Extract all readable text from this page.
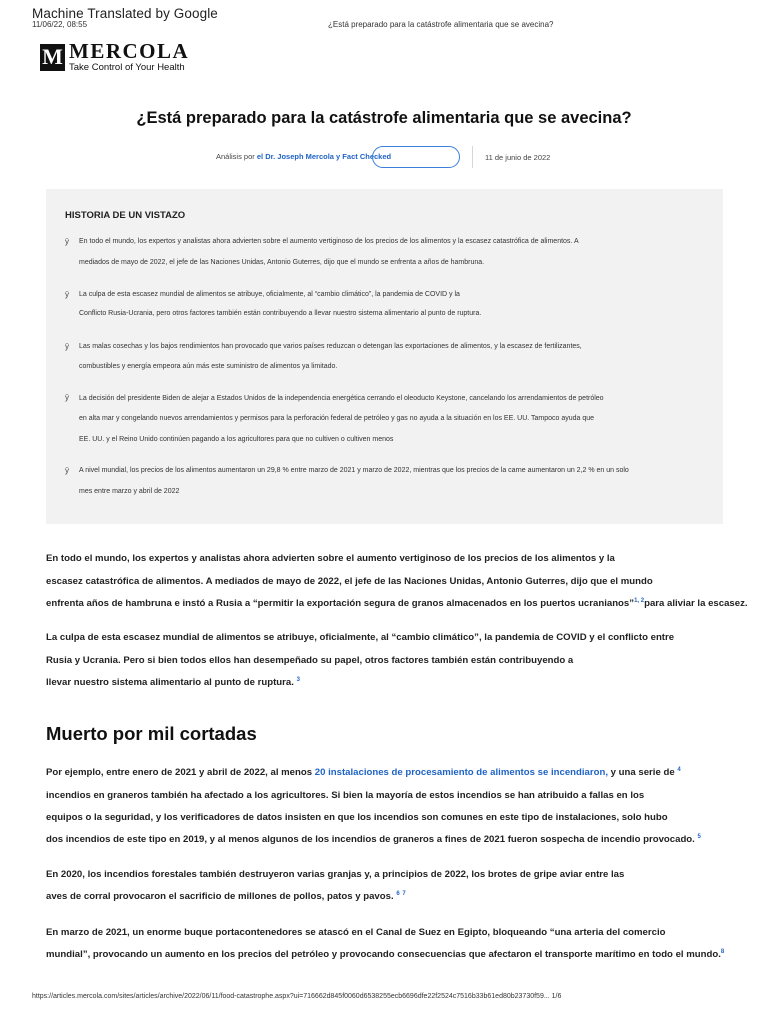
Machine Translated by Google
11/06/22, 08:55	¿Está preparado para la catástrofe alimentaria que se avecina?
M MERCOLA
Take Control of Your Health
¿Está preparado para la catástrofe alimentaria que se avecina?
Análisis por el Dr. Joseph Mercola y Fact Checked	11 de junio de 2022
HISTORIA DE UN VISTAZO
ÿ En todo el mundo, los expertos y analistas ahora advierten sobre el aumento vertiginoso de los precios de los alimentos y la escasez catastrófica de alimentos. A
mediados de mayo de 2022, el jefe de las Naciones Unidas, Antonio Guterres, dijo que el mundo se enfrenta a años de hambruna.
ÿ La culpa de esta escasez mundial de alimentos se atribuye, oficialmente, al “cambio climático”, la pandemia de COVID y la
Conflicto Rusia-Ucrania, pero otros factores también están contribuyendo a llevar nuestro sistema alimentario al punto de ruptura.
ÿ Las malas cosechas y los bajos rendimientos han provocado que varios países reduzcan o detengan las exportaciones de alimentos, y la escasez de fertilizantes,
combustibles y energía empeora aún más este suministro de alimentos ya limitado.
ÿ La decisión del presidente Biden de alejar a Estados Unidos de la independencia energética cerrando el oleoducto Keystone, cancelando los arrendamientos de petróleo
en alta mar y congelando nuevos arrendamientos y permisos para la perforación federal de petróleo y gas no ayuda a la situación en los EE. UU. Tampoco ayuda que
EE. UU. y el Reino Unido continúen pagando a los agricultores para que no cultiven o cultiven menos
ÿ A nivel mundial, los precios de los alimentos aumentaron un 29,8 % entre marzo de 2021 y marzo de 2022, mientras que los precios de la carne aumentaron un 2,2 % en un solo
mes entre marzo y abril de 2022
En todo el mundo, los expertos y analistas ahora advierten sobre el aumento vertiginoso de los precios de los alimentos y la
escasez catastrófica de alimentos. A mediados de mayo de 2022, el jefe de las Naciones Unidas, Antonio Guterres, dijo que el mundo
enfrenta años de hambruna e instó a Rusia a “permitir la exportación segura de granos almacenados en los puertos ucranianos”$^{1, 2}$para aliviar la escasez.
La culpa de esta escasez mundial de alimentos se atribuye, oficialmente, al “cambio climático”, la pandemia de COVID y el conflicto entre
Rusia y Ucrania. Pero si bien todos ellos han desempeñado su papel, otros factores también están contribuyendo a
llevar nuestro sistema alimentario al punto de ruptura. $^3$
Muerto por mil cortadas
Por ejemplo, entre enero de 2021 y abril de 2022, al menos 20 instalaciones de procesamiento de alimentos se incendiaron, y una serie de $^4$
incendios en graneros también ha afectado a los agricultores. Si bien la mayoría de estos incendios se han atribuido a fallas en los
equipos o la seguridad, y los verificadores de datos insisten en que los incendios son comunes en este tipo de instalaciones, solo hubo
dos incendios de este tipo en 2019, y al menos algunos de los incendios de graneros a fines de 2021 fueron sospecha de incendio provocado. $^5$
En 2020, los incendios forestales también destruyeron varias granjas y, a principios de 2022, los brotes de gripe aviar entre las
aves de corral provocaron el sacrificio de millones de pollos, patos y pavos. $^6$ $^7$
En marzo de 2021, un enorme buque portacontenedores se atascó en el Canal de Suez en Egipto, bloqueando “una arteria del comercio
mundial”, provocando un aumento en los precios del petróleo y provocando consecuencias que afectaron el transporte marítimo en todo el mundo.$^8$
https://articles.mercola.com/sites/articles/archive/2022/06/11/food-catastrophe.aspx?ui=716662d845f0060d6538255ecb6696dfe22f2524c7516b33b61ed80b23730f59... 1/6
